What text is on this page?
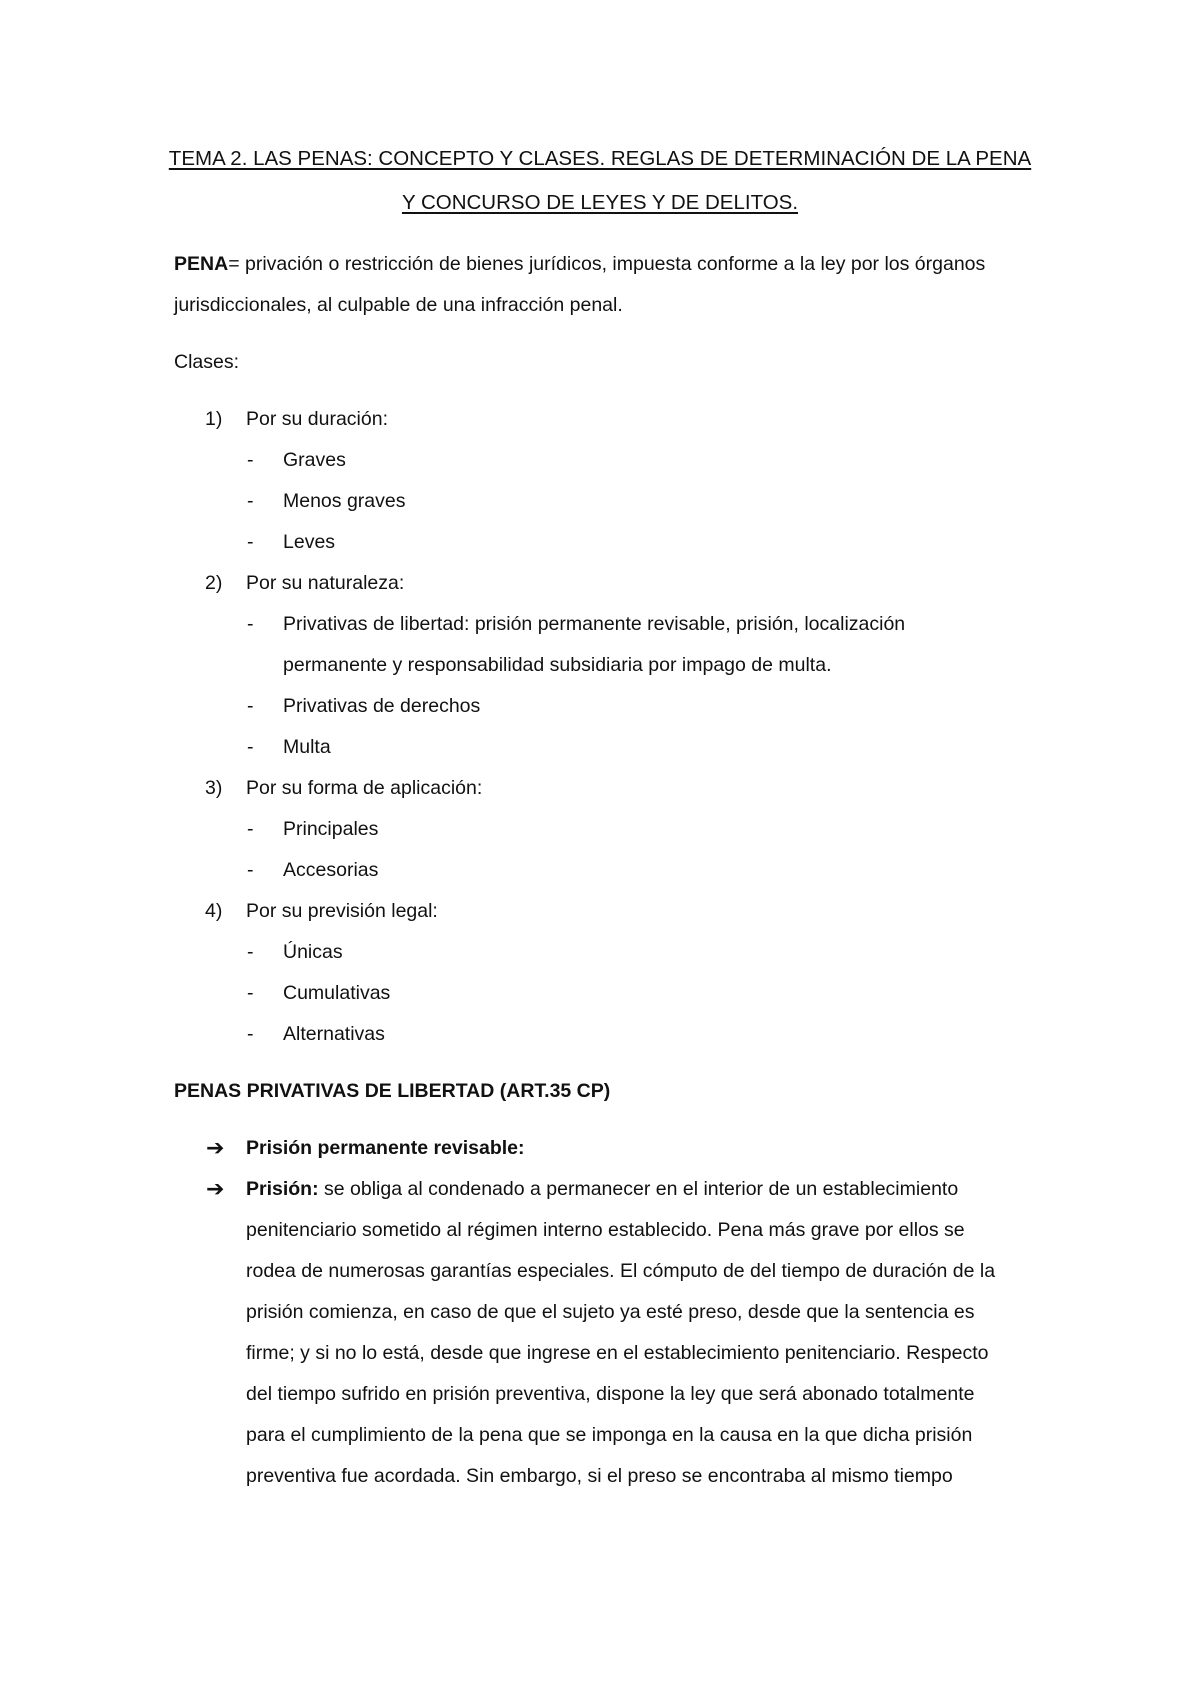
TEMA 2. LAS PENAS: CONCEPTO Y CLASES. REGLAS DE DETERMINACIÓN DE LA PENA
Y CONCURSO DE LEYES Y DE DELITOS.
PENA= privación o restricción de bienes jurídicos, impuesta conforme a la ley por los órganos
jurisdiccionales, al culpable de una infracción penal.
Clases:
1) Por su duración:
- Graves
- Menos graves
- Leves
2) Por su naturaleza:
- Privativas de libertad: prisión permanente revisable, prisión, localización
permanente y responsabilidad subsidiaria por impago de multa.
- Privativas de derechos
- Multa
3) Por su forma de aplicación:
- Principales
- Accesorias
4) Por su previsión legal:
- Únicas
- Cumulativas
- Alternativas
PENAS PRIVATIVAS DE LIBERTAD (ART.35 CP)
➔ Prisión permanente revisable:
➔ Prisión: se obliga al condenado a permanecer en el interior de un establecimiento
penitenciario sometido al régimen interno establecido. Pena más grave por ellos se
rodea de numerosas garantías especiales. El cómputo de del tiempo de duración de la
prisión comienza, en caso de que el sujeto ya esté preso, desde que la sentencia es
firme; y si no lo está, desde que ingrese en el establecimiento penitenciario. Respecto
del tiempo sufrido en prisión preventiva, dispone la ley que será abonado totalmente
para el cumplimiento de la pena que se imponga en la causa en la que dicha prisión
preventiva fue acordada. Sin embargo, si el preso se encontraba al mismo tiempo
